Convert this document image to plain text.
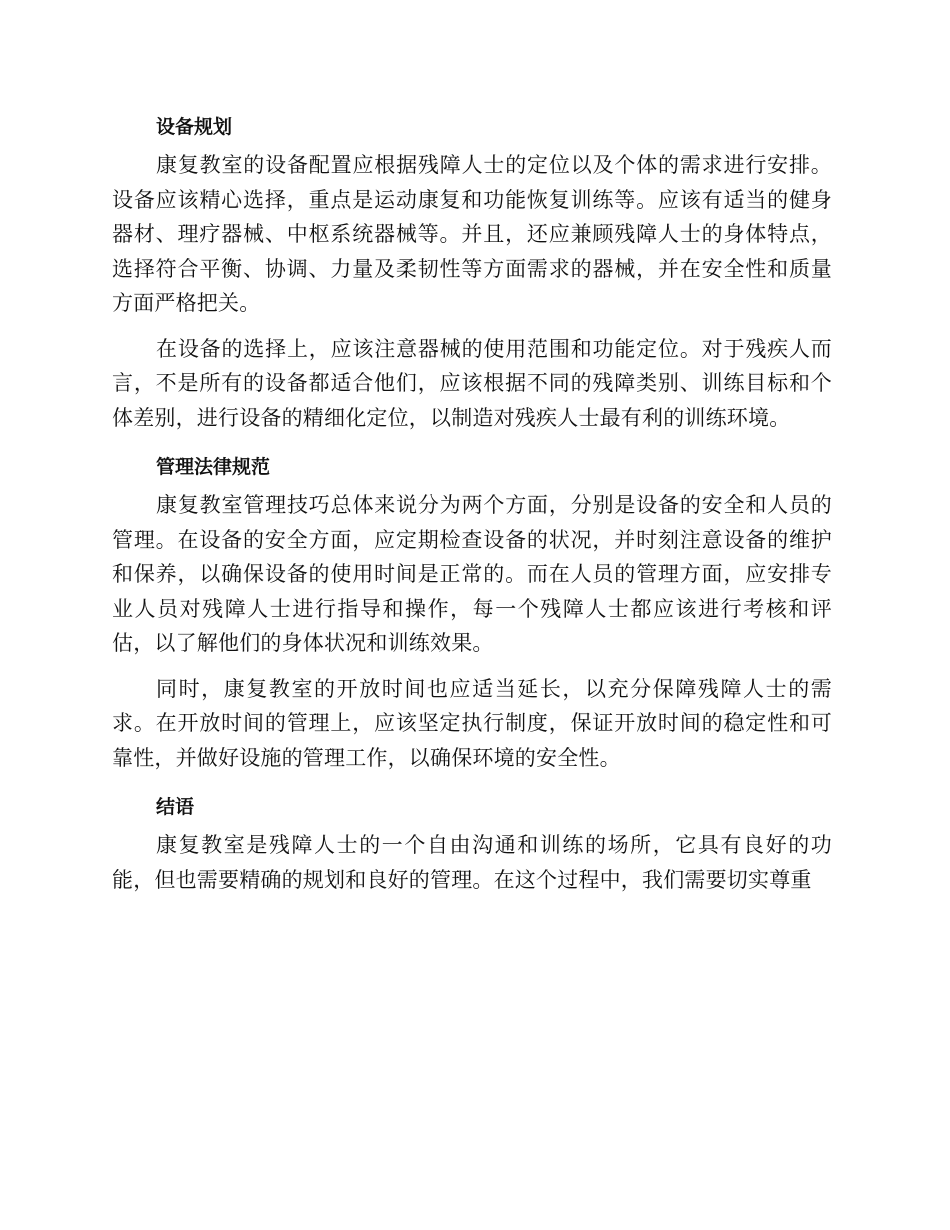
设备规划

康复教室的设备配置应根据残障人士的定位以及个体的需求进行安排。设备应该精心选择，重点是运动康复和功能恢复训练等。应该有适当的健身器材、理疗器械、中枢系统器械等。并且，还应兼顾残障人士的身体特点，选择符合平衡、协调、力量及柔韧性等方面需求的器械，并在安全性和质量方面严格把关。

在设备的选择上，应该注意器械的使用范围和功能定位。对于残疾人而言，不是所有的设备都适合他们，应该根据不同的残障类别、训练目标和个体差别，进行设备的精细化定位，以制造对残疾人士最有利的训练环境。

管理法律规范

康复教室管理技巧总体来说分为两个方面，分别是设备的安全和人员的管理。在设备的安全方面，应定期检查设备的状况，并时刻注意设备的维护和保养，以确保设备的使用时间是正常的。而在人员的管理方面，应安排专业人员对残障人士进行指导和操作，每一个残障人士都应该进行考核和评估，以了解他们的身体状况和训练效果。

同时，康复教室的开放时间也应适当延长，以充分保障残障人士的需求。在开放时间的管理上，应该坚定执行制度，保证开放时间的稳定性和可靠性，并做好设施的管理工作，以确保环境的安全性。

结语

康复教室是残障人士的一个自由沟通和训练的场所，它具有良好的功能，但也需要精确的规划和良好的管理。在这个过程中，我们需要切实尊重
